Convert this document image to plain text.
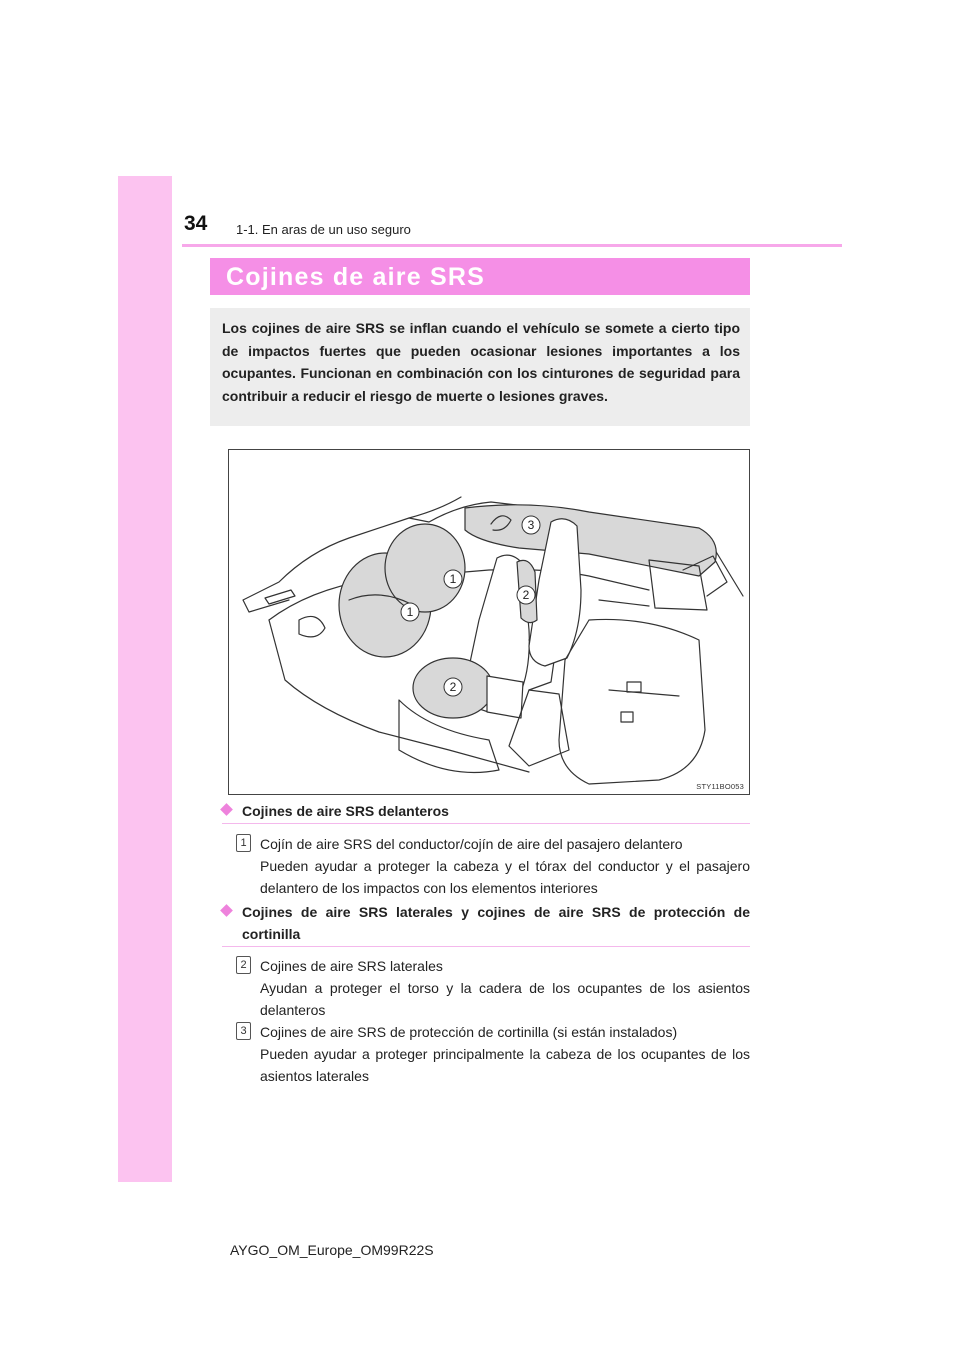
34 1-1. En aras de un uso seguro
Cojines de aire SRS
Los cojines de aire SRS se inflan cuando el vehículo se somete a cierto tipo de impactos fuertes que pueden ocasionar lesiones importantes a los ocupantes. Funcionan en combinación con los cinturones de seguridad para contribuir a reducir el riesgo de muerte o lesiones graves.
1
1
2
2
3
STY11BO053
Cojines de aire SRS delanteros
1 Cojín de aire SRS del conductor/cojín de aire del pasajero delantero
Pueden ayudar a proteger la cabeza y el tórax del conductor y el pasajero delantero de los impactos con los elementos interiores
Cojines de aire SRS laterales y cojines de aire SRS de protección de cortinilla
2 Cojines de aire SRS laterales
Ayudan a proteger el torso y la cadera de los ocupantes de los asientos delanteros
3 Cojines de aire SRS de protección de cortinilla (si están instalados)
Pueden ayudar a proteger principalmente la cabeza de los ocupantes de los asientos laterales
AYGO_OM_Europe_OM99R22S
